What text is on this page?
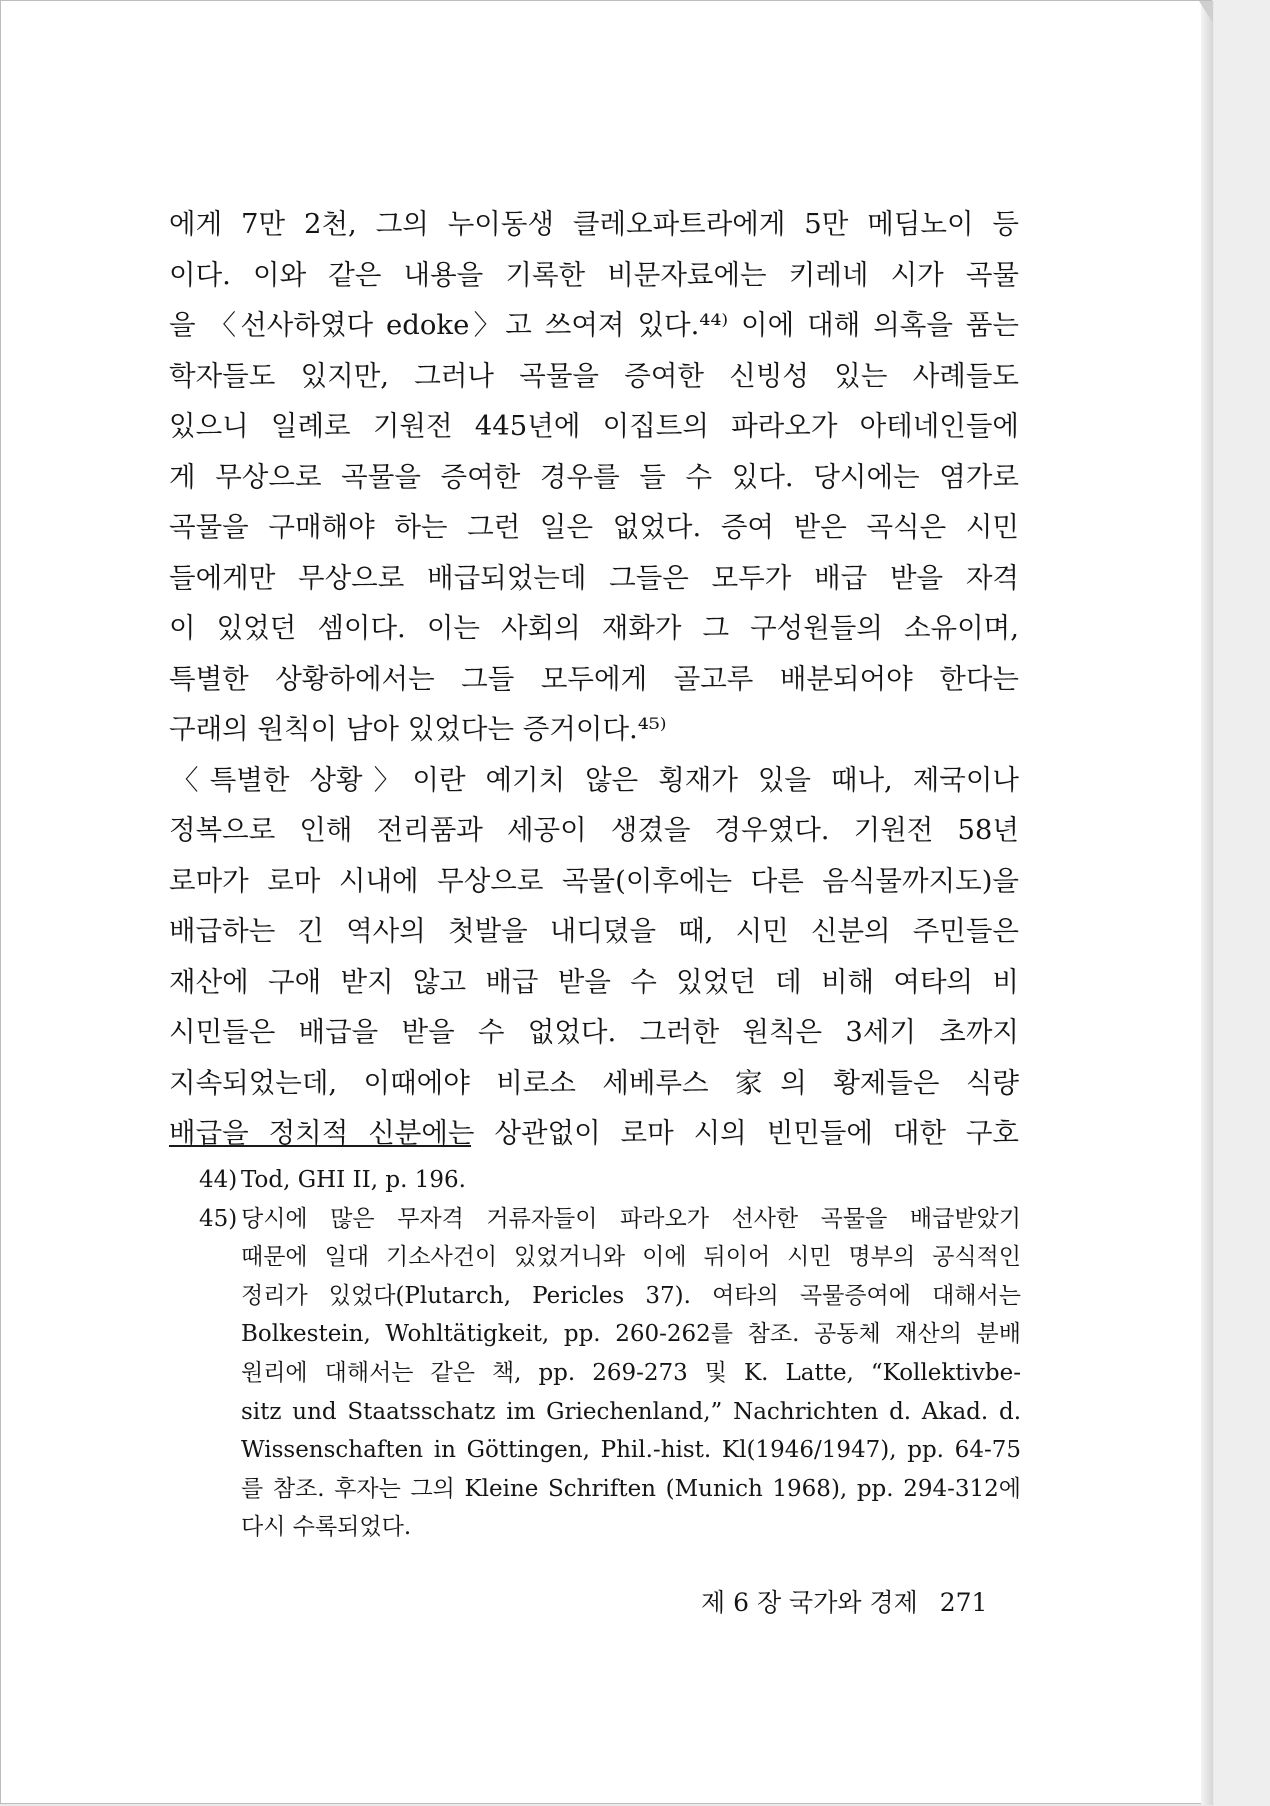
에게 7만 2천, 그의 누이동생 클레오파트라에게 5만 메딤노이 등
이다. 이와 같은 내용을 기록한 비문자료에는 키레네 시가 곡물
을 〈선사하였다 edoke〉고 쓰여져 있다.⁴⁴⁾ 이에 대해 의혹을 품는
학자들도 있지만, 그러나 곡물을 증여한 신빙성 있는 사례들도
있으니 일례로 기원전 445년에 이집트의 파라오가 아테네인들에
게 무상으로 곡물을 증여한 경우를 들 수 있다. 당시에는 염가로
곡물을 구매해야 하는 그런 일은 없었다. 증여 받은 곡식은 시민
들에게만 무상으로 배급되었는데 그들은 모두가 배급 받을 자격
이 있었던 셈이다. 이는 사회의 재화가 그 구성원들의 소유이며,
특별한 상황하에서는 그들 모두에게 골고루 배분되어야 한다는
구래의 원칙이 남아 있었다는 증거이다.⁴⁵⁾
〈특별한 상황〉이란 예기치 않은 횡재가 있을 때나, 제국이나
정복으로 인해 전리품과 세공이 생겼을 경우였다. 기원전 58년
로마가 로마 시내에 무상으로 곡물(이후에는 다른 음식물까지도)을
배급하는 긴 역사의 첫발을 내디뎠을 때, 시민 신분의 주민들은
재산에 구애 받지 않고 배급 받을 수 있었던 데 비해 여타의 비
시민들은 배급을 받을 수 없었다. 그러한 원칙은 3세기 초까지
지속되었는데, 이때에야 비로소 세베루스 家의 황제들은 식량
배급을 정치적 신분에는 상관없이 로마 시의 빈민들에 대한 구호
44) Tod, GHI II, p. 196.
45) 당시에 많은 무자격 거류자들이 파라오가 선사한 곡물을 배급받았기
때문에 일대 기소사건이 있었거니와 이에 뒤이어 시민 명부의 공식적인
정리가 있었다(Plutarch, Pericles 37). 여타의 곡물증여에 대해서는
Bolkestein, Wohltätigkeit, pp. 260-262를 참조. 공동체 재산의 분배
원리에 대해서는 같은 책, pp. 269-273 및 K. Latte, “Kollektivbe-
sitz und Staatsschatz im Griechenland,” Nachrichten d. Akad. d.
Wissenschaften in Göttingen, Phil.-hist. Kl(1946/1947), pp. 64-75
를 참조. 후자는 그의 Kleine Schriften (Munich 1968), pp. 294-312에
다시 수록되었다.
제 6 장 국가와 경제 271
